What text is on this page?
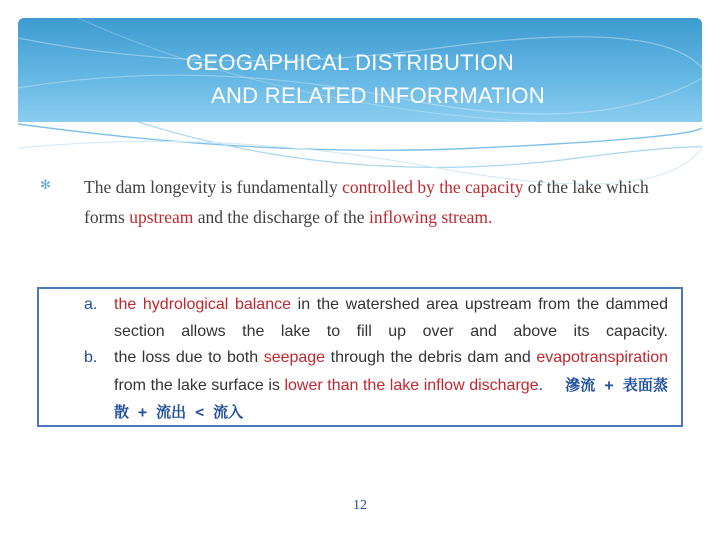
GEOGAPHICAL DISTRIBUTION
AND RELATED INFORRMATION
✻ The dam longevity is fundamentally controlled by the capacity of the lake which forms upstream and the discharge of the inflowing stream.
a. the hydrological balance in the watershed area upstream from the dammed section allows the lake to fill up over and above its capacity.
b. the loss due to both seepage through the debris dam and evapotranspiration from the lake surface is lower than the lake inflow discharge. 滲流 + 表面蒸散 + 流出 < 流入
12
